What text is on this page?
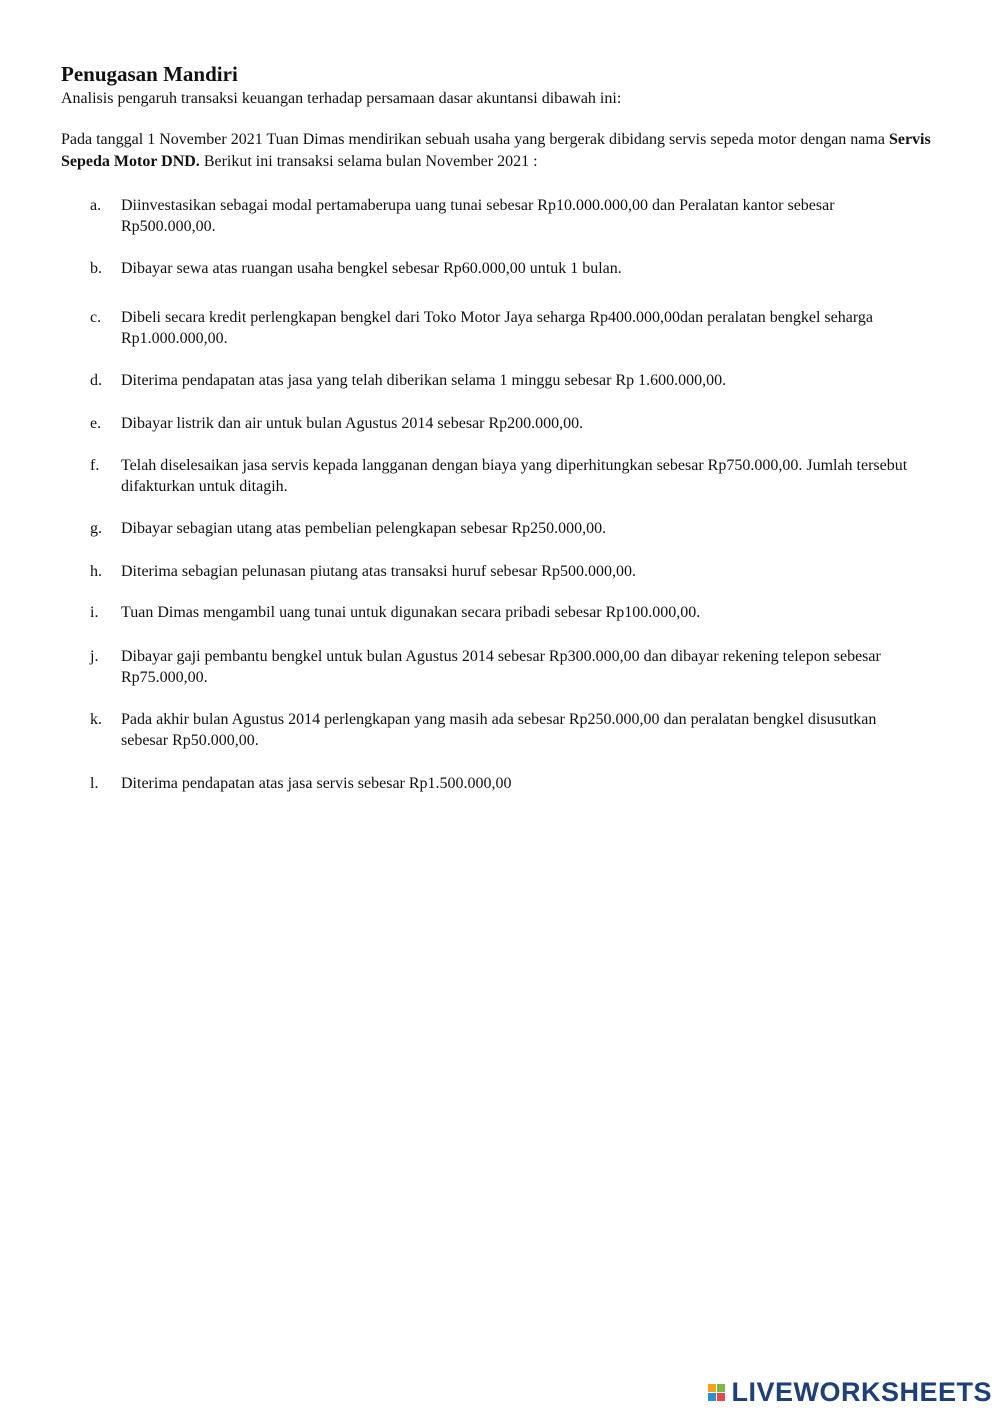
Penugasan Mandiri

Analisis pengaruh transaksi keuangan terhadap persamaan dasar akuntansi dibawah ini:

Pada tanggal 1 November 2021 Tuan Dimas mendirikan sebuah usaha yang bergerak dibidang servis sepeda motor dengan nama Servis Sepeda Motor DND. Berikut ini transaksi selama bulan November 2021 :

a. Diinvestasikan sebagai modal pertamaberupa uang tunai sebesar Rp10.000.000,00 dan Peralatan kantor sebesar Rp500.000,00.
b. Dibayar sewa atas ruangan usaha bengkel sebesar Rp60.000,00 untuk 1 bulan.
c. Dibeli secara kredit perlengkapan bengkel dari Toko Motor Jaya seharga Rp400.000,00dan peralatan bengkel seharga Rp1.000.000,00.
d. Diterima pendapatan atas jasa yang telah diberikan selama 1 minggu sebesar Rp 1.600.000,00.
e. Dibayar listrik dan air untuk bulan Agustus 2014 sebesar Rp200.000,00.
f. Telah diselesaikan jasa servis kepada langganan dengan biaya yang diperhitungkan sebesar Rp750.000,00. Jumlah tersebut difakturkan untuk ditagih.
g. Dibayar sebagian utang atas pembelian pelengkapan sebesar Rp250.000,00.
h. Diterima sebagian pelunasan piutang atas transaksi huruf sebesar Rp500.000,00.
i. Tuan Dimas mengambil uang tunai untuk digunakan secara pribadi sebesar Rp100.000,00.
j. Dibayar gaji pembantu bengkel untuk bulan Agustus 2014 sebesar Rp300.000,00 dan dibayar rekening telepon sebesar Rp75.000,00.
k. Pada akhir bulan Agustus 2014 perlengkapan yang masih ada sebesar Rp250.000,00 dan peralatan bengkel disusutkan sebesar Rp50.000,00.
l. Diterima pendapatan atas jasa servis sebesar Rp1.500.000,00
LIVEWORKSHEETS
